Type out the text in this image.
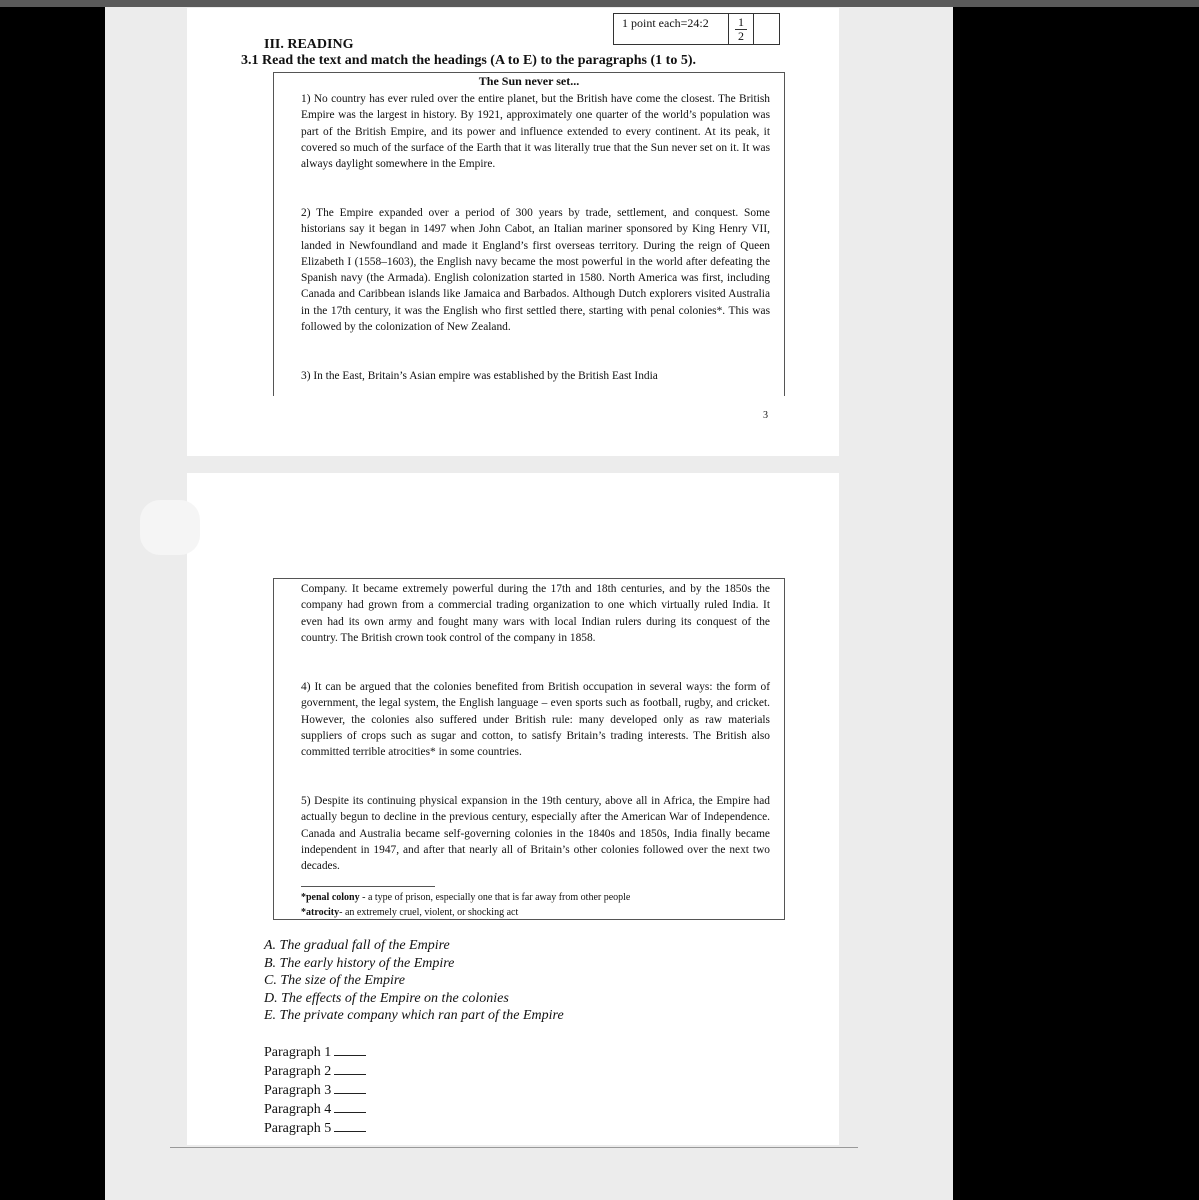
1 point each=24:2	1
2
III. READING
3.1 Read the text and match the headings (A to E) to the paragraphs (1 to 5).
The Sun never set...
1) No country has ever ruled over the entire planet, but the British have come the closest. The British Empire was the largest in history. By 1921, approximately one quarter of the world’s population was part of the British Empire, and its power and influence extended to every continent. At its peak, it covered so much of the surface of the Earth that it was literally true that the Sun never set on it. It was always daylight somewhere in the Empire.
2) The Empire expanded over a period of 300 years by trade, settlement, and conquest. Some historians say it began in 1497 when John Cabot, an Italian mariner sponsored by King Henry VII, landed in Newfoundland and made it England’s first overseas territory. During the reign of Queen Elizabeth I (1558–1603), the English navy became the most powerful in the world after defeating the Spanish navy (the Armada). English colonization started in 1580. North America was first, including Canada and Caribbean islands like Jamaica and Barbados. Although Dutch explorers visited Australia in the 17th century, it was the English who first settled there, starting with penal colonies*. This was followed by the colonization of New Zealand.
3) In the East, Britain’s Asian empire was established by the British East India
3
Company. It became extremely powerful during the 17th and 18th centuries, and by the 1850s the company had grown from a commercial trading organization to one which virtually ruled India. It even had its own army and fought many wars with local Indian rulers during its conquest of the country. The British crown took control of the company in 1858.
4) It can be argued that the colonies benefited from British occupation in several ways: the form of government, the legal system, the English language – even sports such as football, rugby, and cricket. However, the colonies also suffered under British rule: many developed only as raw materials suppliers of crops such as sugar and cotton, to satisfy Britain’s trading interests. The British also committed terrible atrocities* in some countries.
5) Despite its continuing physical expansion in the 19th century, above all in Africa, the Empire had actually begun to decline in the previous century, especially after the American War of Independence. Canada and Australia became self-governing colonies in the 1840s and 1850s, India finally became independent in 1947, and after that nearly all of Britain’s other colonies followed over the next two decades.
*penal colony - a type of prison, especially one that is far away from other people
*atrocity- an extremely cruel, violent, or shocking act
A. The gradual fall of the Empire
B. The early history of the Empire
C. The size of the Empire
D. The effects of the Empire on the colonies
E. The private company which ran part of the Empire
Paragraph 1
Paragraph 2
Paragraph 3
Paragraph 4
Paragraph 5
